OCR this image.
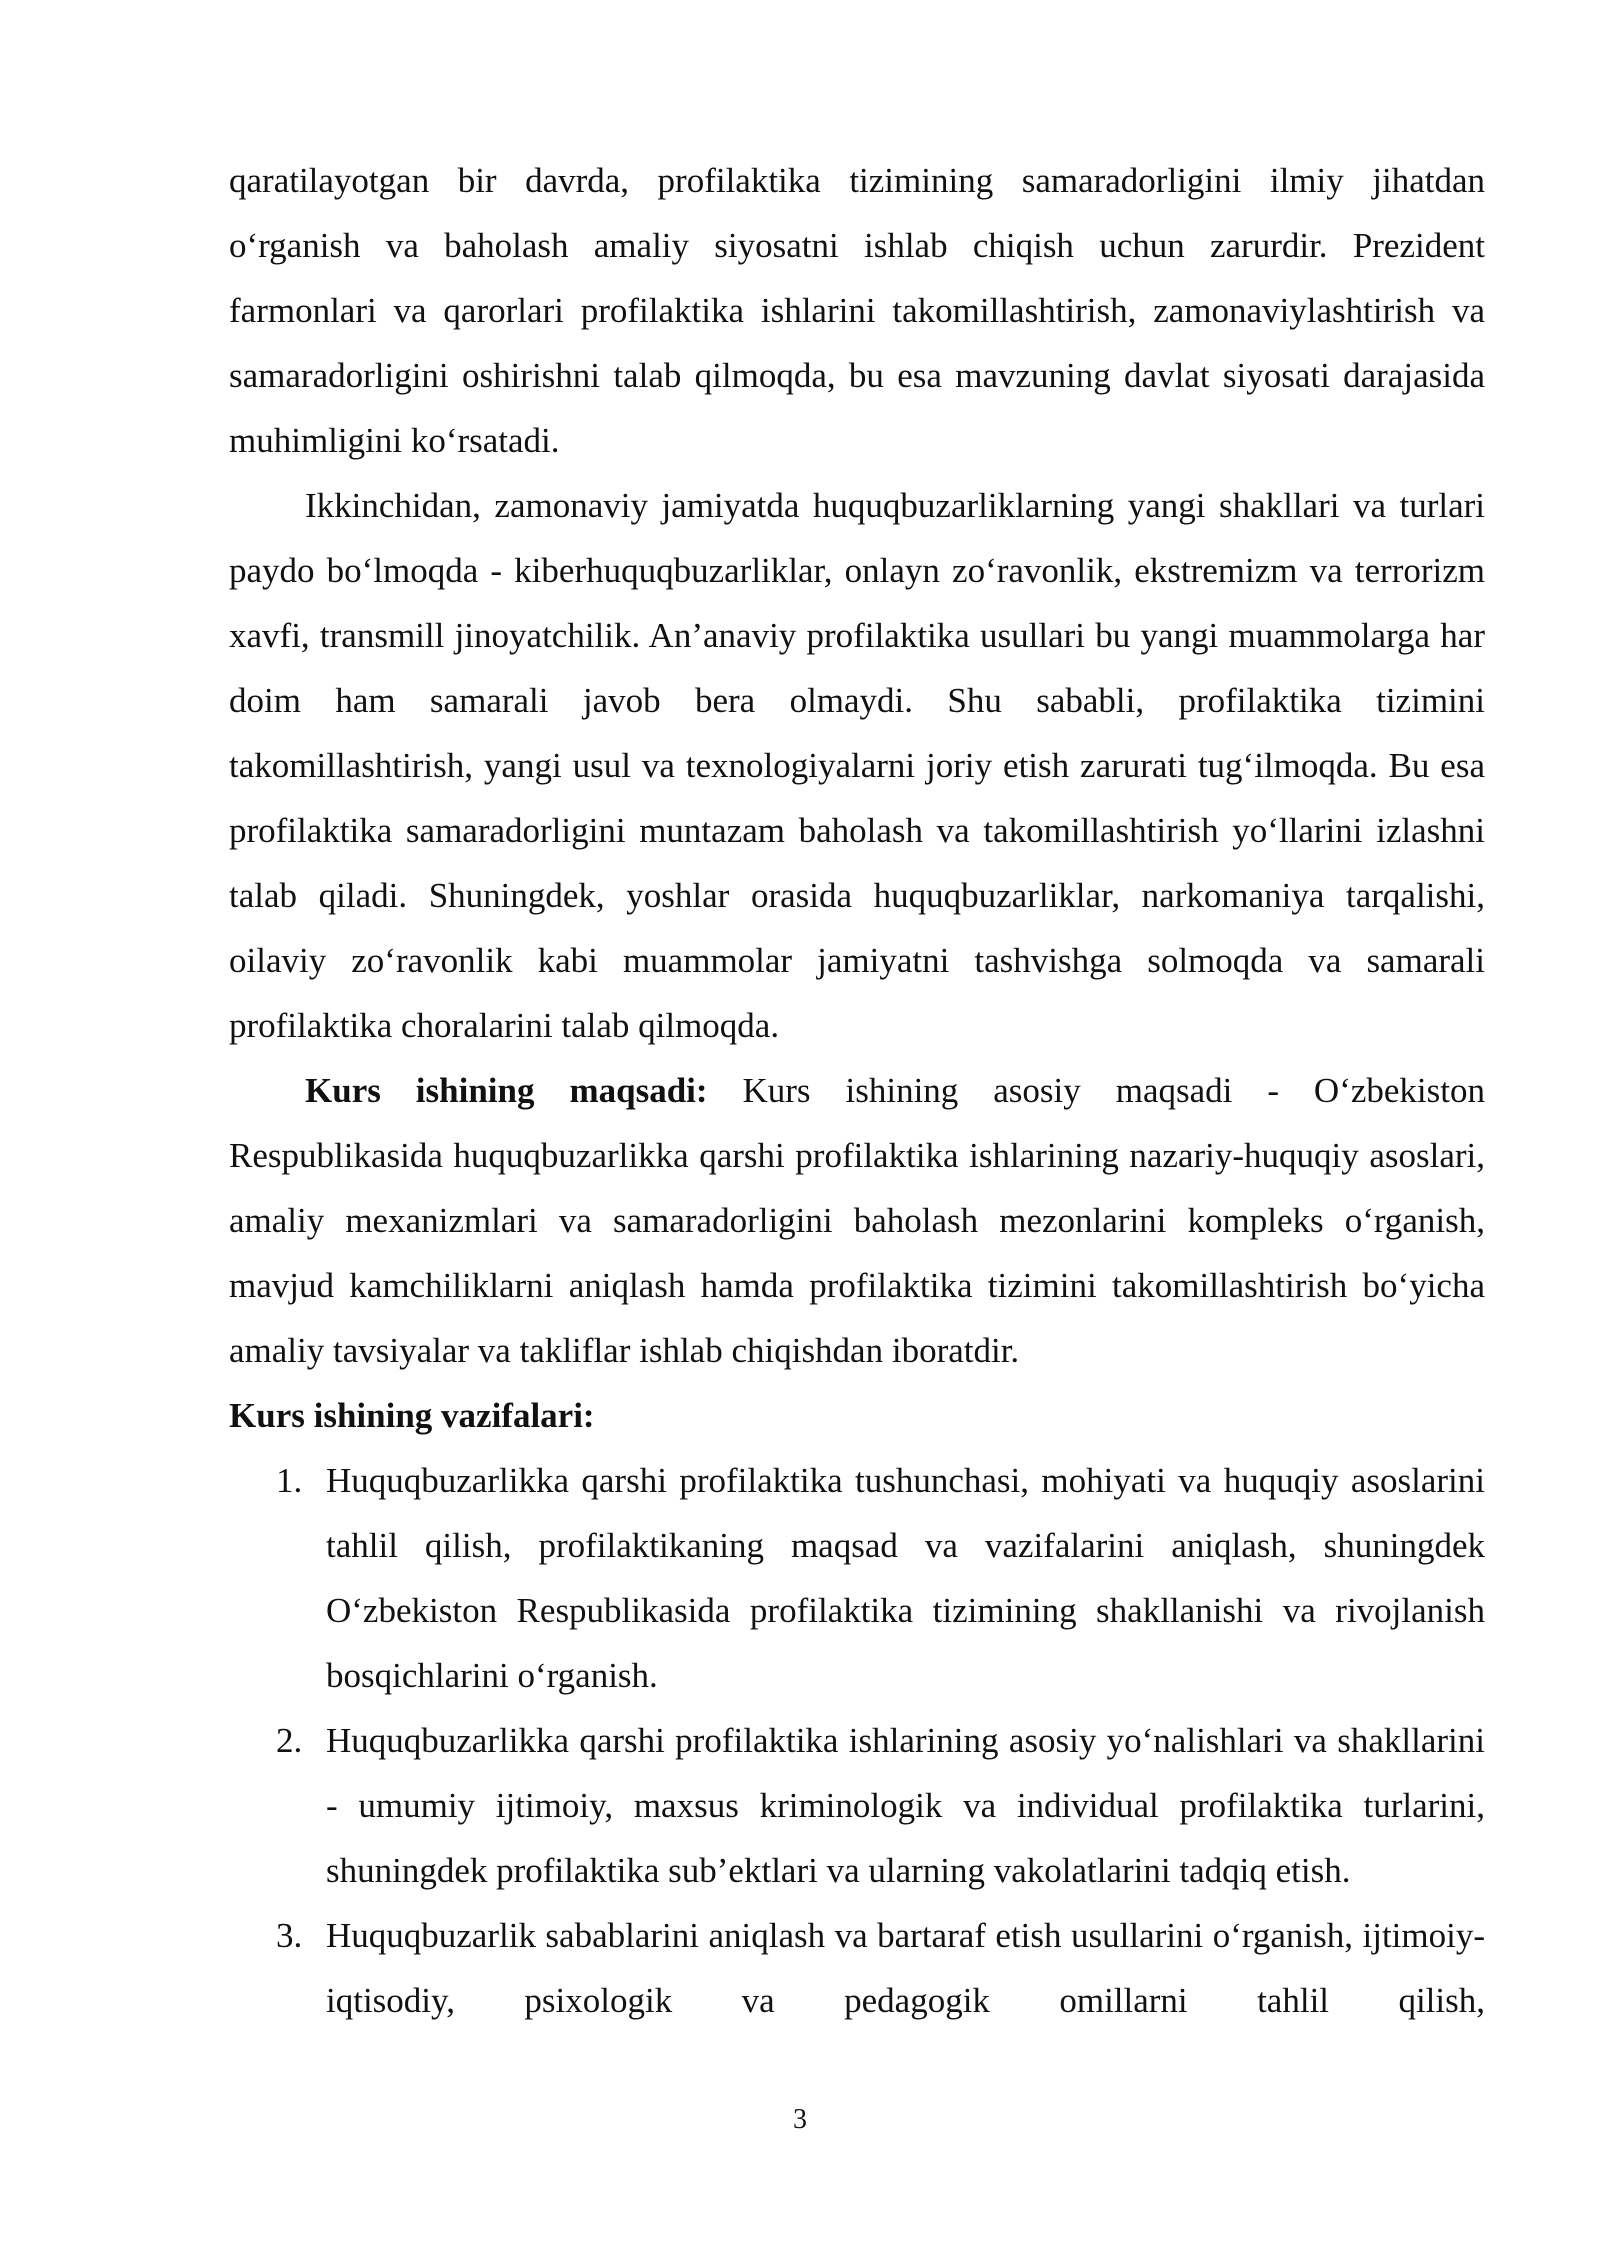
qaratilayotgan bir davrda, profilaktika tizimining samaradorligini ilmiy jihatdan o‘rganish va baholash amaliy siyosatni ishlab chiqish uchun zarurdir. Prezident farmonlari va qarorlari profilaktika ishlarini takomillashtirish, zamonaviylashtirish va samaradorligini oshirishni talab qilmoqda, bu esa mavzuning davlat siyosati darajasida muhimligini ko‘rsatadi.

Ikkinchidan, zamonaviy jamiyatda huquqbuzarliklarning yangi shakllari va turlari paydo bo‘lmoqda - kiberhuquqbuzarliklar, onlayn zo‘ravonlik, ekstremizm va terrorizm xavfi, transmill jinoyatchilik. An’anaviy profilaktika usullari bu yangi muammolarga har doim ham samarali javob bera olmaydi. Shu sababli, profilaktika tizimini takomillashtirish, yangi usul va texnologiyalarni joriy etish zarurati tug‘ilmoqda. Bu esa profilaktika samaradorligini muntazam baholash va takomillashtirish yo‘llarini izlashni talab qiladi. Shuningdek, yoshlar orasida huquqbuzarliklar, narkomaniya tarqalishi, oilaviy zo‘ravonlik kabi muammolar jamiyatni tashvishga solmoqda va samarali profilaktika choralarini talab qilmoqda.

Kurs ishining maqsadi: Kurs ishining asosiy maqsadi - O‘zbekiston Respublikasida huquqbuzarlikka qarshi profilaktika ishlarining nazariy-huquqiy asoslari, amaliy mexanizmlari va samaradorligini baholash mezonlarini kompleks o‘rganish, mavjud kamchiliklarni aniqlash hamda profilaktika tizimini takomillashtirish bo‘yicha amaliy tavsiyalar va takliflar ishlab chiqishdan iboratdir.

Kurs ishining vazifalari:

1. Huquqbuzarlikka qarshi profilaktika tushunchasi, mohiyati va huquqiy asoslarini tahlil qilish, profilaktikaning maqsad va vazifalarini aniqlash, shuningdek O‘zbekiston Respublikasida profilaktika tizimining shakllanishi va rivojlanish bosqichlarini o‘rganish.
2. Huquqbuzarlikka qarshi profilaktika ishlarining asosiy yo‘nalishlari va shakllarini - umumiy ijtimoiy, maxsus kriminologik va individual profilaktika turlarini, shuningdek profilaktika sub’ektlari va ularning vakolatlarini tadqiq etish.
3. Huquqbuzarlik sabablarini aniqlash va bartaraf etish usullarini o‘rganish, ijtimoiy-iqtisodiy, psixologik va pedagogik omillarni tahlil qilish,
3
